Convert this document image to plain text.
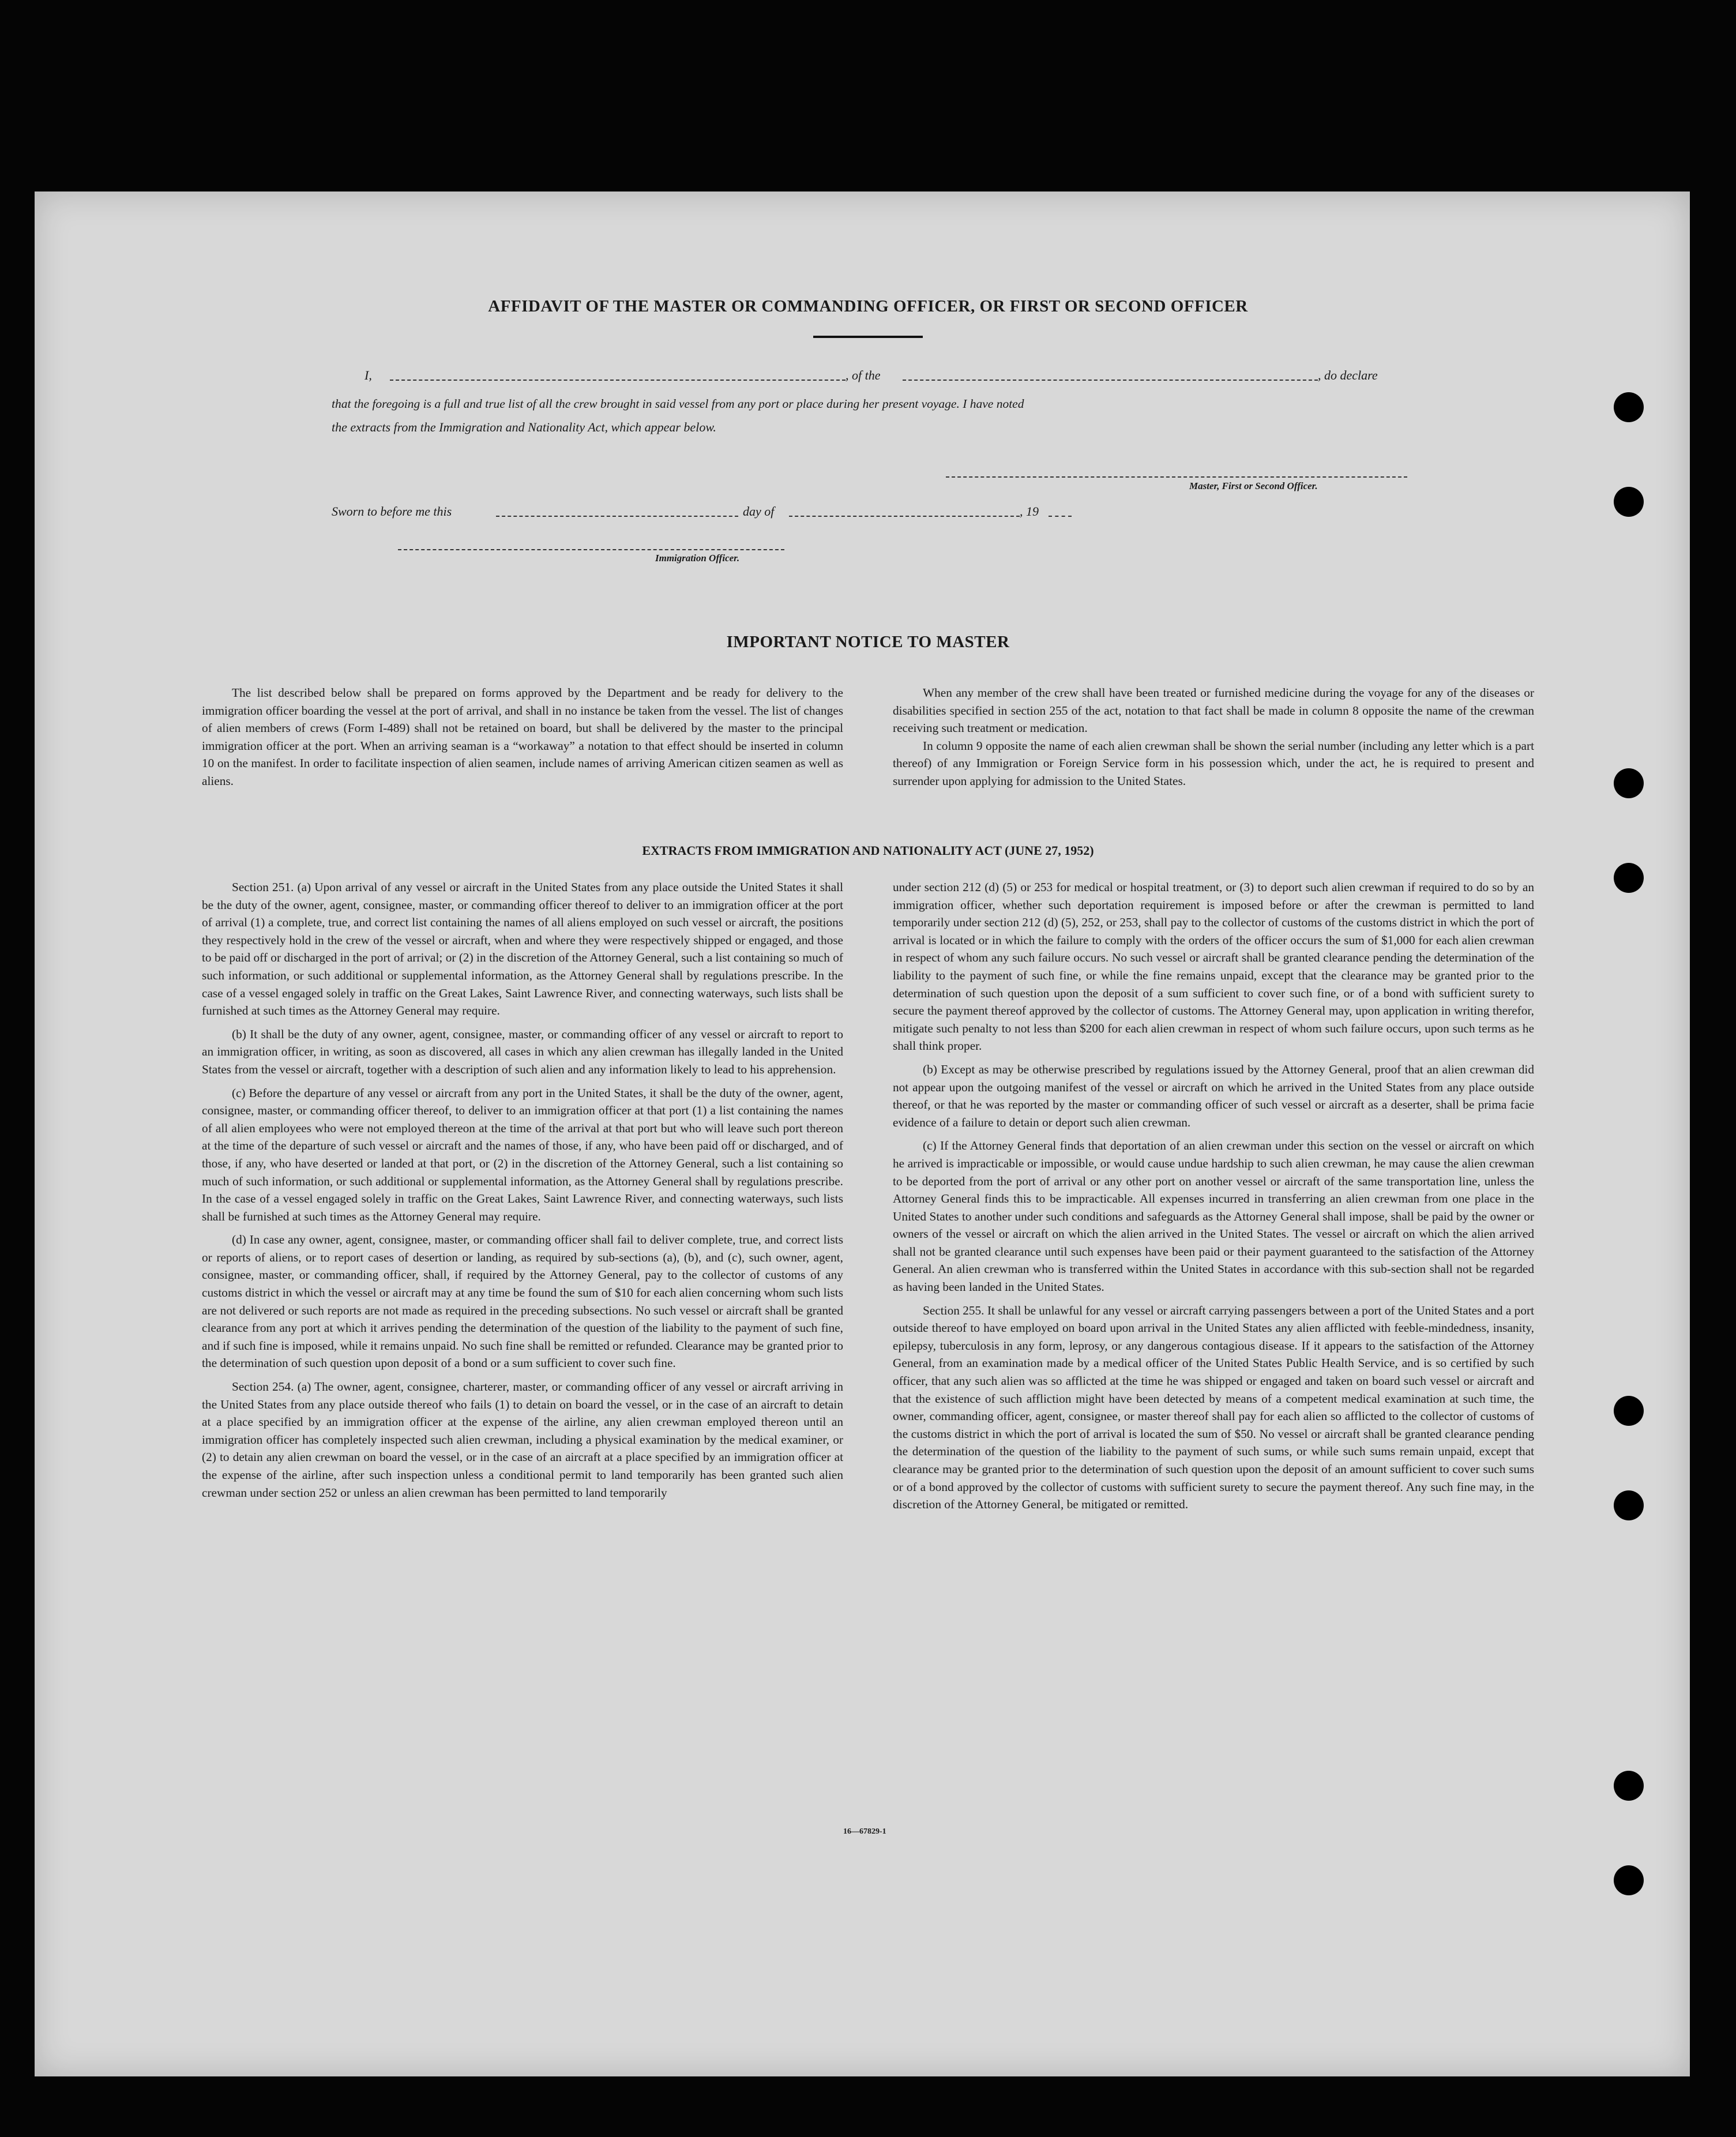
AFFIDAVIT OF THE MASTER OR COMMANDING OFFICER, OR FIRST OR SECOND OFFICER
I,	, of the	, do declare
that the foregoing is a full and true list of all the crew brought in said vessel from any port or place during her present voyage. I have noted
the extracts from the Immigration and Nationality Act, which appear below.
Master, First or Second Officer.
Sworn to before me this	day of	, 19
Immigration Officer.
IMPORTANT NOTICE TO MASTER

The list described below shall be prepared on forms approved by the Department and be ready for delivery to the immigration officer boarding the vessel at the port of arrival, and shall in no instance be taken from the vessel. The list of changes of alien members of crews (Form I-489) shall not be retained on board, but shall be delivered by the master to the principal immigration officer at the port. When an arriving seaman is a “workaway” a notation to that effect should be inserted in column 10 on the manifest. In order to facilitate inspection of alien seamen, include names of arriving American citizen seamen as well as aliens.

When any member of the crew shall have been treated or furnished medicine during the voyage for any of the diseases or disabilities specified in section 255 of the act, notation to that fact shall be made in column 8 opposite the name of the crewman receiving such treatment or medication.

In column 9 opposite the name of each alien crewman shall be shown the serial number (including any letter which is a part thereof) of any Immigration or Foreign Service form in his possession which, under the act, he is required to present and surrender upon applying for admission to the United States.

EXTRACTS FROM IMMIGRATION AND NATIONALITY ACT (JUNE 27, 1952)

Section 251. (a) Upon arrival of any vessel or aircraft in the United States from any place outside the United States it shall be the duty of the owner, agent, consignee, master, or commanding officer thereof to deliver to an immigration officer at the port of arrival (1) a complete, true, and correct list containing the names of all aliens employed on such vessel or aircraft, the positions they respectively hold in the crew of the vessel or aircraft, when and where they were respectively shipped or engaged, and those to be paid off or discharged in the port of arrival; or (2) in the discretion of the Attorney General, such a list containing so much of such information, or such additional or supplemental information, as the Attorney General shall by regulations prescribe. In the case of a vessel engaged solely in traffic on the Great Lakes, Saint Lawrence River, and connecting waterways, such lists shall be furnished at such times as the Attorney General may require.

(b) It shall be the duty of any owner, agent, consignee, master, or commanding officer of any vessel or aircraft to report to an immigration officer, in writing, as soon as discovered, all cases in which any alien crewman has illegally landed in the United States from the vessel or aircraft, together with a description of such alien and any information likely to lead to his apprehension.

(c) Before the departure of any vessel or aircraft from any port in the United States, it shall be the duty of the owner, agent, consignee, master, or commanding officer thereof, to deliver to an immigration officer at that port (1) a list containing the names of all alien employees who were not employed thereon at the time of the arrival at that port but who will leave such port thereon at the time of the departure of such vessel or aircraft and the names of those, if any, who have been paid off or discharged, and of those, if any, who have deserted or landed at that port, or (2) in the discretion of the Attorney General, such a list containing so much of such information, or such additional or supplemental information, as the Attorney General shall by regulations prescribe. In the case of a vessel engaged solely in traffic on the Great Lakes, Saint Lawrence River, and connecting waterways, such lists shall be furnished at such times as the Attorney General may require.

(d) In case any owner, agent, consignee, master, or commanding officer shall fail to deliver complete, true, and correct lists or reports of aliens, or to report cases of desertion or landing, as required by sub-sections (a), (b), and (c), such owner, agent, consignee, master, or commanding officer, shall, if required by the Attorney General, pay to the collector of customs of any customs district in which the vessel or aircraft may at any time be found the sum of $10 for each alien concerning whom such lists are not delivered or such reports are not made as required in the preceding subsections. No such vessel or aircraft shall be granted clearance from any port at which it arrives pending the determination of the question of the liability to the payment of such fine, and if such fine is imposed, while it remains unpaid. No such fine shall be remitted or refunded. Clearance may be granted prior to the determination of such question upon deposit of a bond or a sum sufficient to cover such fine.

Section 254. (a) The owner, agent, consignee, charterer, master, or commanding officer of any vessel or aircraft arriving in the United States from any place outside thereof who fails (1) to detain on board the vessel, or in the case of an aircraft to detain at a place specified by an immigration officer at the expense of the airline, any alien crewman employed thereon until an immigration officer has completely inspected such alien crewman, including a physical examination by the medical examiner, or (2) to detain any alien crewman on board the vessel, or in the case of an aircraft at a place specified by an immigration officer at the expense of the airline, after such inspection unless a conditional permit to land temporarily has been granted such alien crewman under section 252 or unless an alien crewman has been permitted to land temporarily

under section 212 (d) (5) or 253 for medical or hospital treatment, or (3) to deport such alien crewman if required to do so by an immigration officer, whether such deportation requirement is imposed before or after the crewman is permitted to land temporarily under section 212 (d) (5), 252, or 253, shall pay to the collector of customs of the customs district in which the port of arrival is located or in which the failure to comply with the orders of the officer occurs the sum of $1,000 for each alien crewman in respect of whom any such failure occurs. No such vessel or aircraft shall be granted clearance pending the determination of the liability to the payment of such fine, or while the fine remains unpaid, except that the clearance may be granted prior to the determination of such question upon the deposit of a sum sufficient to cover such fine, or of a bond with sufficient surety to secure the payment thereof approved by the collector of customs. The Attorney General may, upon application in writing therefor, mitigate such penalty to not less than $200 for each alien crewman in respect of whom such failure occurs, upon such terms as he shall think proper.

(b) Except as may be otherwise prescribed by regulations issued by the Attorney General, proof that an alien crewman did not appear upon the outgoing manifest of the vessel or aircraft on which he arrived in the United States from any place outside thereof, or that he was reported by the master or commanding officer of such vessel or aircraft as a deserter, shall be prima facie evidence of a failure to detain or deport such alien crewman.

(c) If the Attorney General finds that deportation of an alien crewman under this section on the vessel or aircraft on which he arrived is impracticable or impossible, or would cause undue hardship to such alien crewman, he may cause the alien crewman to be deported from the port of arrival or any other port on another vessel or aircraft of the same transportation line, unless the Attorney General finds this to be impracticable. All expenses incurred in transferring an alien crewman from one place in the United States to another under such conditions and safeguards as the Attorney General shall impose, shall be paid by the owner or owners of the vessel or aircraft on which the alien arrived in the United States. The vessel or aircraft on which the alien arrived shall not be granted clearance until such expenses have been paid or their payment guaranteed to the satisfaction of the Attorney General. An alien crewman who is transferred within the United States in accordance with this sub-section shall not be regarded as having been landed in the United States.

Section 255. It shall be unlawful for any vessel or aircraft carrying passengers between a port of the United States and a port outside thereof to have employed on board upon arrival in the United States any alien afflicted with feeble-mindedness, insanity, epilepsy, tuberculosis in any form, leprosy, or any dangerous contagious disease. If it appears to the satisfaction of the Attorney General, from an examination made by a medical officer of the United States Public Health Service, and is so certified by such officer, that any such alien was so afflicted at the time he was shipped or engaged and taken on board such vessel or aircraft and that the existence of such affliction might have been detected by means of a competent medical examination at such time, the owner, commanding officer, agent, consignee, or master thereof shall pay for each alien so afflicted to the collector of customs of the customs district in which the port of arrival is located the sum of $50. No vessel or aircraft shall be granted clearance pending the determination of the question of the liability to the payment of such sums, or while such sums remain unpaid, except that clearance may be granted prior to the determination of such question upon the deposit of an amount sufficient to cover such sums or of a bond approved by the collector of customs with sufficient surety to secure the payment thereof. Any such fine may, in the discretion of the Attorney General, be mitigated or remitted.

16—67829-1
